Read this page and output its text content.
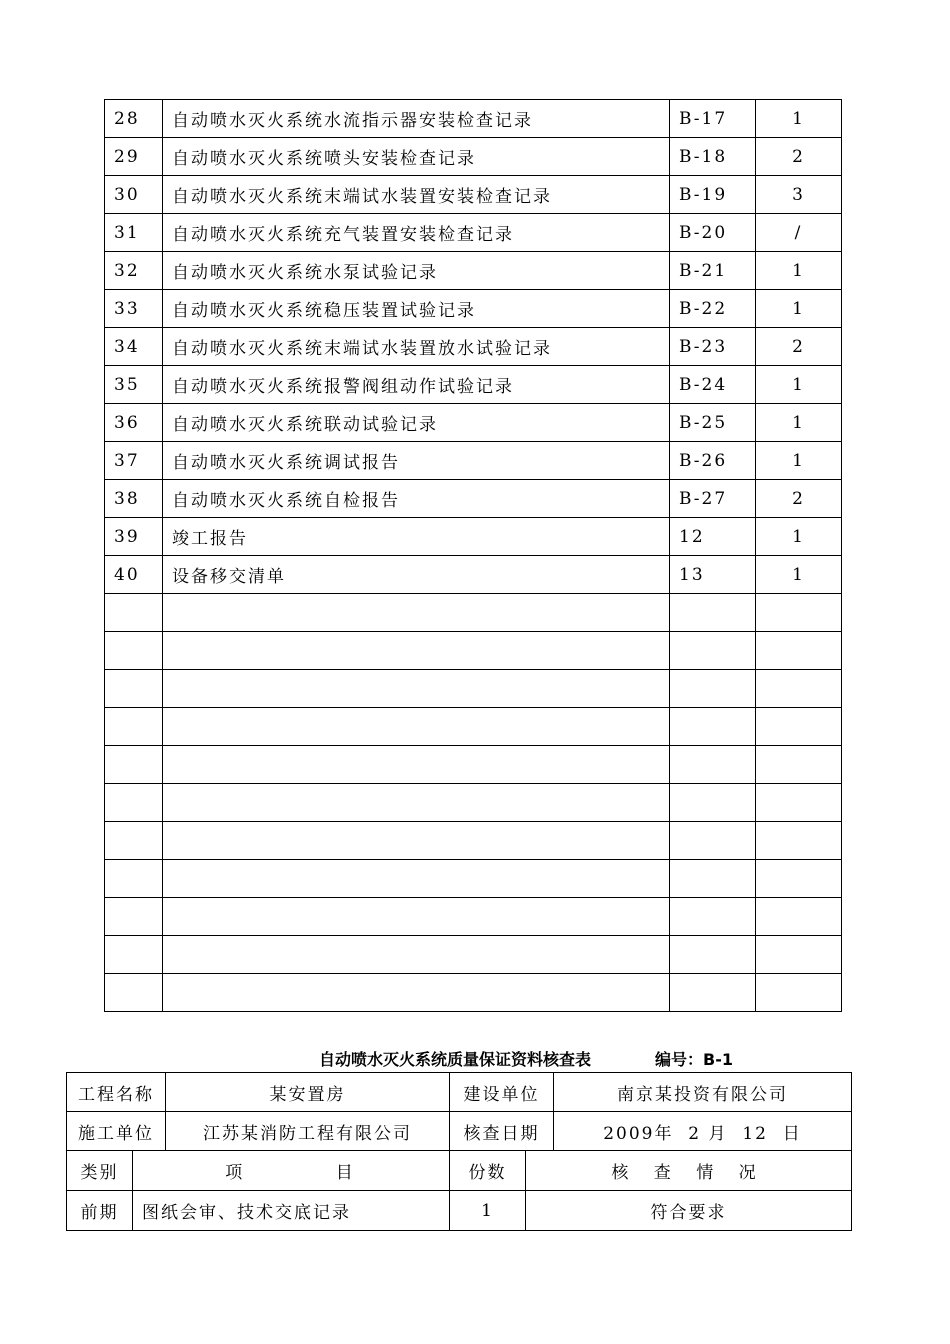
28	自动喷水灭火系统水流指示器安装检查记录	B-17	1
29	自动喷水灭火系统喷头安装检查记录	B-18	2
30	自动喷水灭火系统末端试水装置安装检查记录	B-19	3
31	自动喷水灭火系统充气装置安装检查记录	B-20	/
32	自动喷水灭火系统水泵试验记录	B-21	1
33	自动喷水灭火系统稳压装置试验记录	B-22	1
34	自动喷水灭火系统末端试水装置放水试验记录	B-23	2
35	自动喷水灭火系统报警阀组动作试验记录	B-24	1
36	自动喷水灭火系统联动试验记录	B-25	1
37	自动喷水灭火系统调试报告	B-26	1
38	自动喷水灭火系统自检报告	B-27	2
39	竣工报告	12	1
40	设备移交清单	13	1

自动喷水灭火系统质量保证资料核查表	编号：B-1
工程名称	某安置房	建设单位	南京某投资有限公司
施工单位	江苏某消防工程有限公司	核查日期	2009年  2 月  12  日
类别	项 目	份数	核 查 情 况
前期	图纸会审、技术交底记录	1	符合要求
